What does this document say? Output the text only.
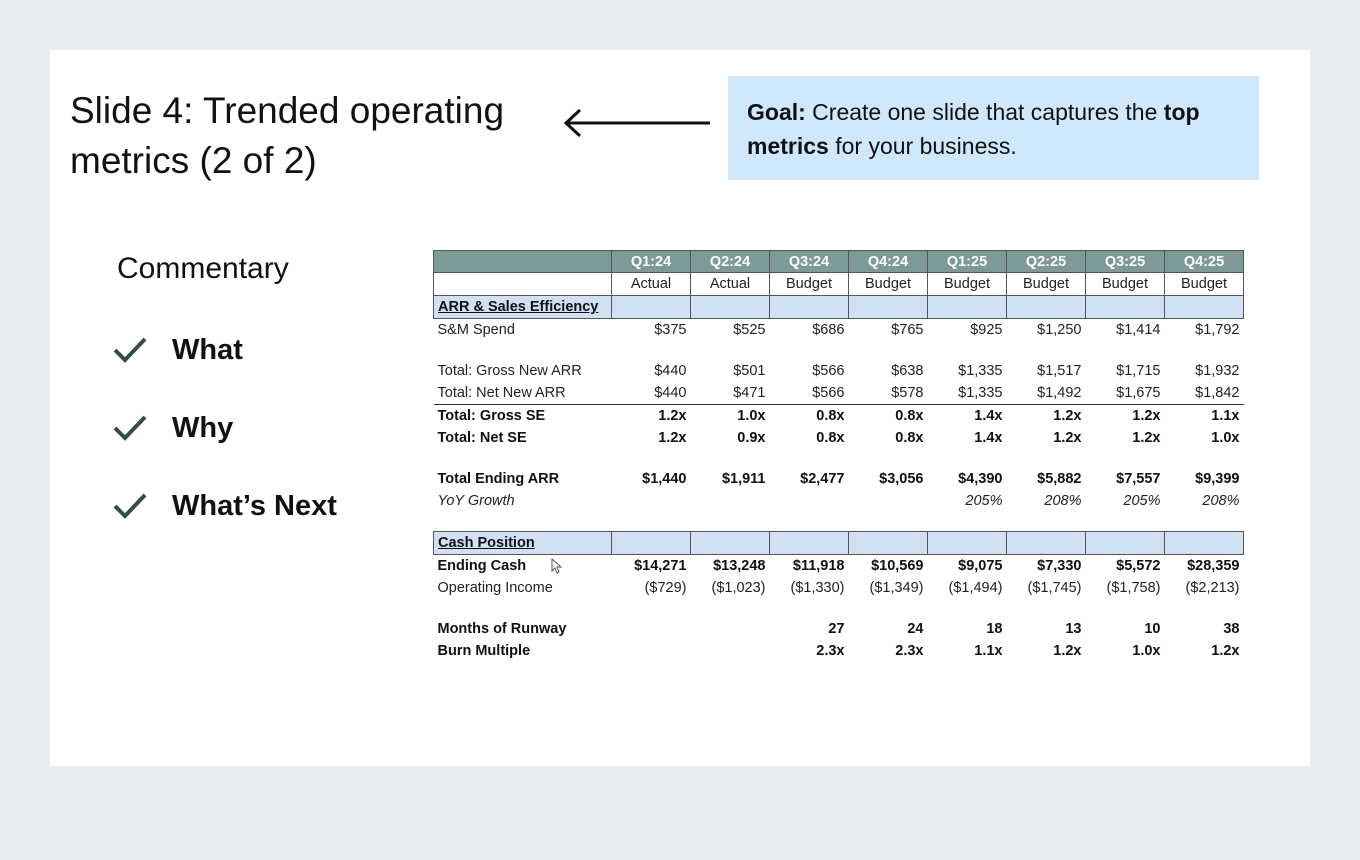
Slide 4: Trended operating metrics (2 of 2)
Goal: Create one slide that captures the top metrics for your business.
Commentary
What
Why
What’s Next
	Q1:24	Q2:24	Q3:24	Q4:24	Q1:25	Q2:25	Q3:25	Q4:25
	Actual	Actual	Budget	Budget	Budget	Budget	Budget	Budget
ARR & Sales Efficiency								
S&M Spend	$375	$525	$686	$765	$925	$1,250	$1,414	$1,792

Total: Gross New ARR	$440	$501	$566	$638	$1,335	$1,517	$1,715	$1,932
Total: Net New ARR	$440	$471	$566	$578	$1,335	$1,492	$1,675	$1,842
Total: Gross SE	1.2x	1.0x	0.8x	0.8x	1.4x	1.2x	1.2x	1.1x
Total: Net SE	1.2x	0.9x	0.8x	0.8x	1.4x	1.2x	1.2x	1.0x

Total Ending ARR	$1,440	$1,911	$2,477	$3,056	$4,390	$5,882	$7,557	$9,399
YoY Growth					205%	208%	205%	208%

Cash Position								
Ending Cash	$14,271	$13,248	$11,918	$10,569	$9,075	$7,330	$5,572	$28,359
Operating Income	($729)	($1,023)	($1,330)	($1,349)	($1,494)	($1,745)	($1,758)	($2,213)

Months of Runway			27	24	18	13	10	38
Burn Multiple			2.3x	2.3x	1.1x	1.2x	1.0x	1.2x
